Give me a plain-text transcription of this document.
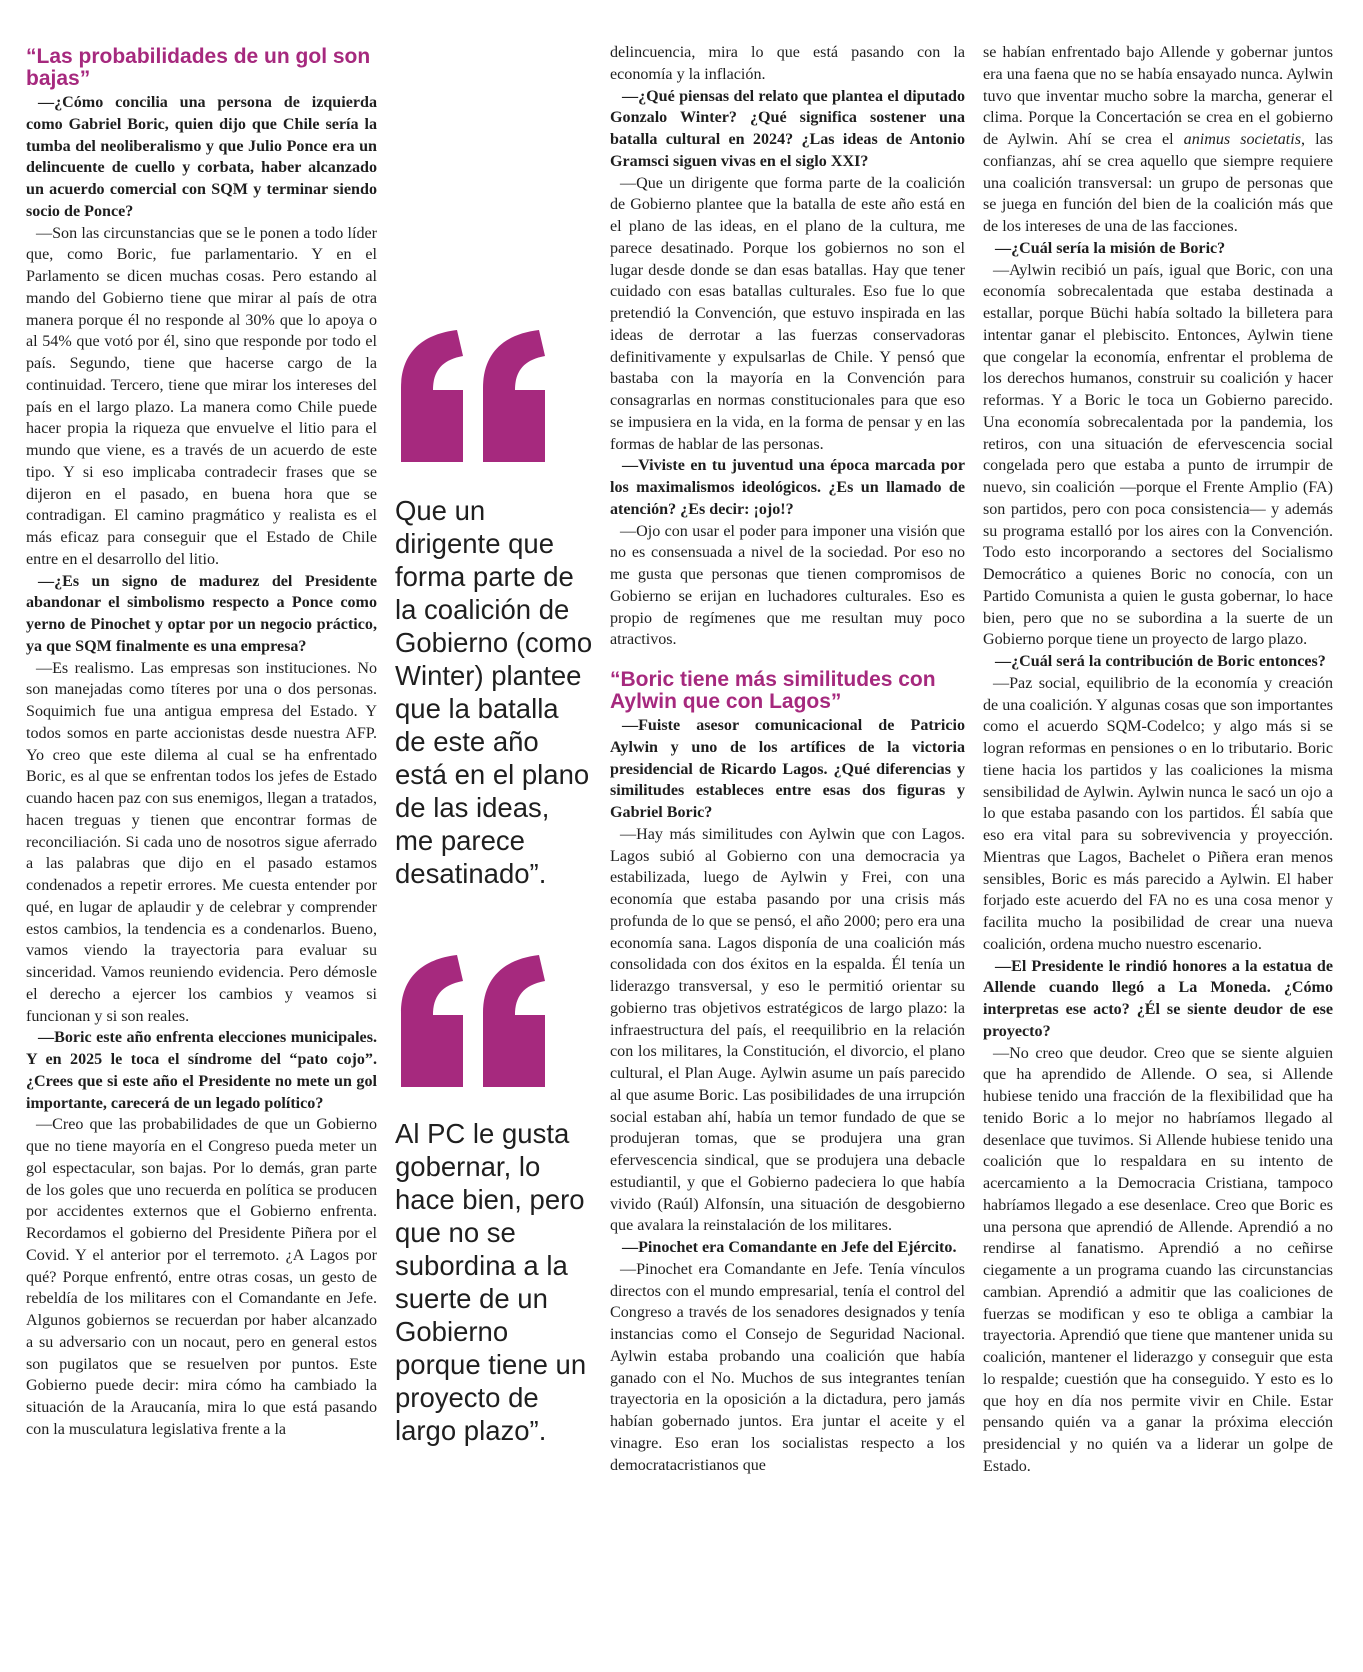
“Las probabilidades de un gol son bajas”

— ¿Cómo concilia una persona de izquierda como Gabriel Boric, quien dijo que Chile sería la tumba del neoliberalismo y que Julio Ponce era un delincuente de cuello y corbata, haber alcanzado un acuerdo comercial con SQM y terminar siendo socio de Ponce?

— Son las circunstancias que se le ponen a todo líder que, como Boric, fue parlamentario. Y en el Parlamento se dicen muchas cosas. Pero estando al mando del Gobierno tiene que mirar al país de otra manera porque él no responde al 30% que lo apoya o al 54% que votó por él, sino que responde por todo el país. Segundo, tiene que hacerse cargo de la continuidad. Tercero, tiene que mirar los intereses del país en el largo plazo. La manera como Chile puede hacer propia la riqueza que envuelve el litio para el mundo que viene, es a través de un acuerdo de este tipo. Y si eso implicaba contradecir frases que se dijeron en el pasado, en buena hora que se contradigan. El camino pragmático y realista es el más eficaz para conseguir que el Estado de Chile entre en el desarrollo del litio.

— ¿Es un signo de madurez del Presidente abandonar el simbolismo respecto a Ponce como yerno de Pinochet y optar por un negocio práctico, ya que SQM finalmente es una empresa?

— Es realismo. Las empresas son instituciones. No son manejadas como títeres por una o dos personas. Soquimich fue una antigua empresa del Estado. Y todos somos en parte accionistas desde nuestra AFP. Yo creo que este dilema al cual se ha enfrentado Boric, es al que se enfrentan todos los jefes de Estado cuando hacen paz con sus enemigos, llegan a tratados, hacen treguas y tienen que encontrar formas de reconciliación. Si cada uno de nosotros sigue aferrado a las palabras que dijo en el pasado estamos condenados a repetir errores. Me cuesta entender por qué, en lugar de aplaudir y de celebrar y comprender estos cambios, la tendencia es a condenarlos. Bueno, vamos viendo la trayectoria para evaluar su sinceridad. Vamos reuniendo evidencia. Pero démosle el derecho a ejercer los cambios y veamos si funcionan y si son reales.

— Boric este año enfrenta elecciones municipales. Y en 2025 le toca el síndrome del “pato cojo”. ¿Crees que si este año el Presidente no mete un gol importante, carecerá de un legado político?

— Creo que las probabilidades de que un Gobierno que no tiene mayoría en el Congreso pueda meter un gol espectacular, son bajas. Por lo demás, gran parte de los goles que uno recuerda en política se producen por accidentes externos que el Gobierno enfrenta. Recordamos el gobierno del Presidente Piñera por el Covid. Y el anterior por el terremoto. ¿A Lagos por qué? Porque enfrentó, entre otras cosas, un gesto de rebeldía de los militares con el Comandante en Jefe. Algunos gobiernos se recuerdan por haber alcanzado a su adversario con un nocaut, pero en general estos son pugilatos que se resuelven por puntos. Este Gobierno puede decir: mira cómo ha cambiado la situación de la Araucanía, mira lo que está pasando con la musculatura legislativa frente a la

Que un dirigente que forma parte de la coalición de Gobierno (como Winter) plantee que la batalla de este año está en el plano de las ideas, me parece desatinado”.
Al PC le gusta gobernar, lo hace bien, pero que no se subordina a la suerte de un Gobierno porque tiene un proyecto de largo plazo”.

delincuencia, mira lo que está pasando con la economía y la inflación.

— ¿Qué piensas del relato que plantea el diputado Gonzalo Winter? ¿Qué significa sostener una batalla cultural en 2024? ¿Las ideas de Antonio Gramsci siguen vivas en el siglo XXI?

— Que un dirigente que forma parte de la coalición de Gobierno plantee que la batalla de este año está en el plano de las ideas, en el plano de la cultura, me parece desatinado. Porque los gobiernos no son el lugar desde donde se dan esas batallas. Hay que tener cuidado con esas batallas culturales. Eso fue lo que pretendió la Convención, que estuvo inspirada en las ideas de derrotar a las fuerzas conservadoras definitivamente y expulsarlas de Chile. Y pensó que bastaba con la mayoría en la Convención para consagrarlas en normas constitucionales para que eso se impusiera en la vida, en la forma de pensar y en las formas de hablar de las personas.

— Viviste en tu juventud una época marcada por los maximalismos ideológicos. ¿Es un llamado de atención? ¿Es decir: ¡ojo!?

— Ojo con usar el poder para imponer una visión que no es consensuada a nivel de la sociedad. Por eso no me gusta que personas que tienen compromisos de Gobierno se erijan en luchadores culturales. Eso es propio de regímenes que me resultan muy poco atractivos.

“Boric tiene más similitudes con Aylwin que con Lagos”

— Fuiste asesor comunicacional de Patricio Aylwin y uno de los artífices de la victoria presidencial de Ricardo Lagos. ¿Qué diferencias y similitudes estableces entre esas dos figuras y Gabriel Boric?

— Hay más similitudes con Aylwin que con Lagos. Lagos subió al Gobierno con una democracia ya estabilizada, luego de Aylwin y Frei, con una economía que estaba pasando por una crisis más profunda de lo que se pensó, el año 2000; pero era una economía sana. Lagos disponía de una coalición más consolidada con dos éxitos en la espalda. Él tenía un liderazgo transversal, y eso le permitió orientar su gobierno tras objetivos estratégicos de largo plazo: la infraestructura del país, el reequilibrio en la relación con los militares, la Constitución, el divorcio, el plano cultural, el Plan Auge. Aylwin asume un país parecido al que asume Boric. Las posibilidades de una irrupción social estaban ahí, había un temor fundado de que se produjeran tomas, que se produjera una gran efervescencia sindical, que se produjera una debacle estudiantil, y que el Gobierno padeciera lo que había vivido (Raúl) Alfonsín, una situación de desgobierno que avalara la reinstalación de los militares.

— Pinochet era Comandante en Jefe del Ejército.

— Pinochet era Comandante en Jefe. Tenía vínculos directos con el mundo empresarial, tenía el control del Congreso a través de los senadores designados y tenía instancias como el Consejo de Seguridad Nacional. Aylwin estaba probando una coalición que había ganado con el No. Muchos de sus integrantes tenían trayectoria en la oposición a la dictadura, pero jamás habían gobernado juntos. Era juntar el aceite y el vinagre. Eso eran los socialistas respecto a los democratacristianos que

se habían enfrentado bajo Allende y gobernar juntos era una faena que no se había ensayado nunca. Aylwin tuvo que inventar mucho sobre la marcha, generar el clima. Porque la Concertación se crea en el gobierno de Aylwin. Ahí se crea el animus societatis, las confianzas, ahí se crea aquello que siempre requiere una coalición transversal: un grupo de personas que se juega en función del bien de la coalición más que de los intereses de una de las facciones.

— ¿Cuál sería la misión de Boric?

— Aylwin recibió un país, igual que Boric, con una economía sobrecalentada que estaba destinada a estallar, porque Büchi había soltado la billetera para intentar ganar el plebiscito. Entonces, Aylwin tiene que congelar la economía, enfrentar el problema de los derechos humanos, construir su coalición y hacer reformas. Y a Boric le toca un Gobierno parecido. Una economía sobrecalentada por la pandemia, los retiros, con una situación de efervescencia social congelada pero que estaba a punto de irrumpir de nuevo, sin coalición —porque el Frente Amplio (FA) son partidos, pero con poca consistencia— y además su programa estalló por los aires con la Convención. Todo esto incorporando a sectores del Socialismo Democrático a quienes Boric no conocía, con un Partido Comunista a quien le gusta gobernar, lo hace bien, pero que no se subordina a la suerte de un Gobierno porque tiene un proyecto de largo plazo.

— ¿Cuál será la contribución de Boric entonces?

— Paz social, equilibrio de la economía y creación de una coalición. Y algunas cosas que son importantes como el acuerdo SQM-Codelco; y algo más si se logran reformas en pensiones o en lo tributario. Boric tiene hacia los partidos y las coaliciones la misma sensibilidad de Aylwin. Aylwin nunca le sacó un ojo a lo que estaba pasando con los partidos. Él sabía que eso era vital para su sobrevivencia y proyección. Mientras que Lagos, Bachelet o Piñera eran menos sensibles, Boric es más parecido a Aylwin. El haber forjado este acuerdo del FA no es una cosa menor y facilita mucho la posibilidad de crear una nueva coalición, ordena mucho nuestro escenario.

— El Presidente le rindió honores a la estatua de Allende cuando llegó a La Moneda. ¿Cómo interpretas ese acto? ¿Él se siente deudor de ese proyecto?

— No creo que deudor. Creo que se siente alguien que ha aprendido de Allende. O sea, si Allende hubiese tenido una fracción de la flexibilidad que ha tenido Boric a lo mejor no habríamos llegado al desenlace que tuvimos. Si Allende hubiese tenido una coalición que lo respaldara en su intento de acercamiento a la Democracia Cristiana, tampoco habríamos llegado a ese desenlace. Creo que Boric es una persona que aprendió de Allende. Aprendió a no rendirse al fanatismo. Aprendió a no ceñirse ciegamente a un programa cuando las circunstancias cambian. Aprendió a admitir que las coaliciones de fuerzas se modifican y eso te obliga a cambiar la trayectoria. Aprendió que tiene que mantener unida su coalición, mantener el liderazgo y conseguir que esta lo respalde; cuestión que ha conseguido. Y esto es lo que hoy en día nos permite vivir en Chile. Estar pensando quién va a ganar la próxima elección presidencial y no quién va a liderar un golpe de Estado.
